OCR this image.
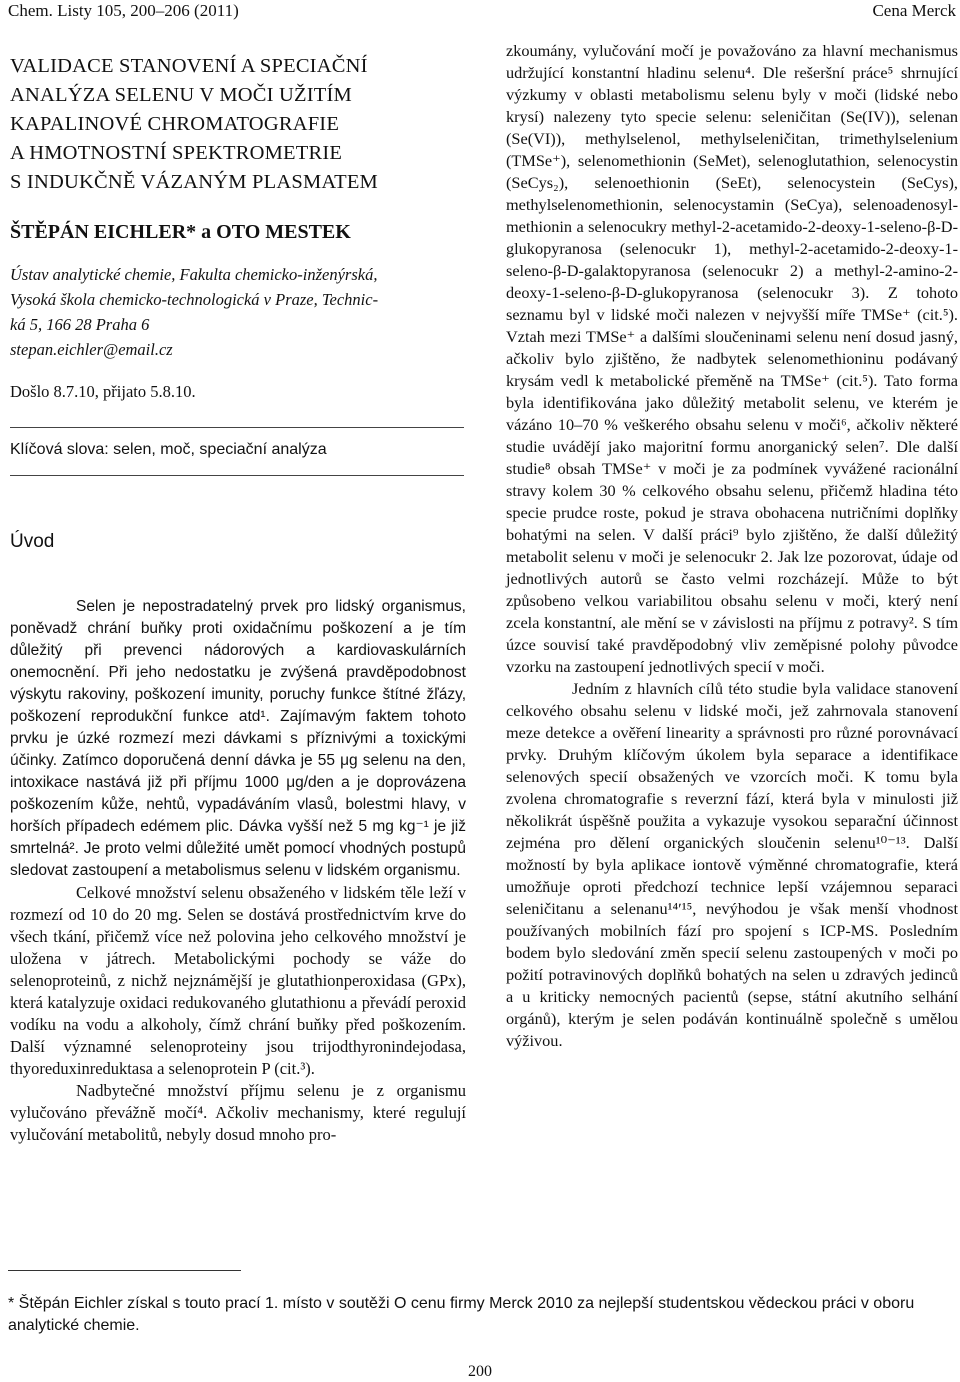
Chem. Listy 105, 200–206 (2011)	Cena Merck
VALIDACE STANOVENÍ A SPECIAČNÍ
ANALÝZA SELENU V MOČI UŽITÍM
KAPALINOVÉ CHROMATOGRAFIE
A HMOTNOSTNÍ SPEKTROMETRIE
S INDUKČNĚ VÁZANÝM PLASMATEM
ŠTĚPÁN EICHLER* a OTO MESTEK
Ústav analytické chemie, Fakulta chemicko-inženýrská,
Vysoká škola chemicko-technologická v Praze, Technic-
ká 5, 166 28 Praha 6
stepan.eichler@email.cz
Došlo 8.7.10, přijato 5.8.10.
Klíčová slova: selen, moč, speciační analýza
Úvod

Selen je nepostradatelný prvek pro lidský organismus, poněvadž chrání buňky proti oxidačnímu poškození a je tím důležitý při prevenci nádorových a kardiovaskulárních onemocnění. Při jeho nedostatku je zvýšená pravděpodobnost výskytu rakoviny, poškození imunity, poruchy funkce štítné žľázy, poškození reprodukční funkce atd¹. Zajímavým faktem tohoto prvku je úzké rozmezí mezi dávkami s příznivými a toxickými účinky. Zatímco doporučená denní dávka je 55 μg selenu na den, intoxikace nastává již při příjmu 1000 μg/den a je doprovázena poškozením kůže, nehtů, vypadáváním vlasů, bolestmi hlavy, v horších případech edémem plic. Dávka vyšší než 5 mg kg⁻¹ je již smrtelná². Je proto velmi důležité umět pomocí vhodných postupů sledovat zastoupení a metabolismus selenu v lidském organismu.

Celkové množství selenu obsaženého v lidském těle leží v rozmezí od 10 do 20 mg. Selen se dostává prostřednictvím krve do všech tkání, přičemž více než polovina jeho celkového množství je uložena v játrech. Metabolickými pochody se váže do selenoproteinů, z nichž nejznámější je glutathionperoxidasa (GPx), která katalyzuje oxidaci redukovaného glutathionu a převádí peroxid vodíku na vodu a alkoholy, čímž chrání buňky před poškozením. Další významné selenoproteiny jsou trijodthyronindejodasa, thyoreduxinreduktasa a selenoprotein P (cit.³).

Nadbytečné množství příjmu selenu je z organismu vylučováno převážně močí⁴. Ačkoliv mechanismy, které regulují vylučování metabolitů, nebyly dosud mnoho pro-

zkoumány, vylučování močí je považováno za hlavní mechanismus udržující konstantní hladinu selenu⁴. Dle rešeršní práce⁵ shrnující výzkumy v oblasti metabolismu selenu byly v moči (lidské nebo krysí) nalezeny tyto specie selenu: seleničitan (Se(IV)), selenan (Se(VI)), methylselenol, methylseleničitan, trimethylselenium (TMSe⁺), selenomethionin (SeMet), selenoglutathion, selenocystin (SeCys₂), selenoethionin (SeEt), selenocystein (SeCys), methylselenomethionin, selenocystamin (SeCya), selenoadenosyl-methionin a selenocukry methyl-2-acetamido-2-deoxy-1-seleno-β-D-glukopyranosa (selenocukr 1), methyl-2-acetamido-2-deoxy-1-seleno-β-D-galaktopyranosa (selenocukr 2) a methyl-2-amino-2-deoxy-1-seleno-β-D-glukopyranosa (selenocukr 3). Z tohoto seznamu byl v lidské moči nalezen v nejvyšší míře TMSe⁺ (cit.⁵). Vztah mezi TMSe⁺ a dalšími sloučeninami selenu není dosud jasný, ačkoliv bylo zjištěno, že nadbytek selenomethioninu podávaný krysám vedl k metabolické přeměně na TMSe⁺ (cit.⁵). Tato forma byla identifikována jako důležitý metabolit selenu, ve kterém je vázáno 10–70 % veškerého obsahu selenu v moči⁶, ačkoliv některé studie uvádějí jako majoritní formu anorganický selen⁷. Dle další studie⁸ obsah TMSe⁺ v moči je za podmínek vyvážené racionální stravy kolem 30 % celkového obsahu selenu, přičemž hladina této specie prudce roste, pokud je strava obohacena nutričními doplňky bohatými na selen. V další práci⁹ bylo zjištěno, že další důležitý metabolit selenu v moči je selenocukr 2. Jak lze pozorovat, údaje od jednotlivých autorů se často velmi rozcházejí. Může to být způsobeno velkou variabilitou obsahu selenu v moči, který není zcela konstantní, ale mění se v závislosti na příjmu z potravy². S tím úzce souvisí také pravděpodobný vliv zeměpisné polohy původce vzorku na zastoupení jednotlivých specií v moči.

Jedním z hlavních cílů této studie byla validace stanovení celkového obsahu selenu v lidské moči, jež zahrnovala stanovení meze detekce a ověření linearity a správnosti pro různé porovnávací prvky. Druhým klíčovým úkolem byla separace a identifikace selenových specií obsažených ve vzorcích moči. K tomu byla zvolena chromatografie s reverzní fází, která byla v minulosti již několikrát úspěšně použita a vykazuje vysokou separační účinnost zejména pro dělení organických sloučenin selenu¹⁰⁻¹³. Další možností by byla aplikace iontově výměnné chromatografie, která umožňuje oproti předchozí technice lepší vzájemnou separaci seleničitanu a selenanu¹⁴ʹ¹⁵, nevýhodou je však menší vhodnost používaných mobilních fází pro spojení s ICP-MS. Posledním bodem bylo sledování změn specií selenu zastoupených v moči po požití potravinových doplňků bohatých na selen u zdravých jedinců a u kriticky nemocných pacientů (sepse, státní akutního selhání orgánů), kterým je selen podáván kontinuálně společně s umělou výživou.

* Štěpán Eichler získal s touto prací 1. místo v soutěži O cenu firmy Merck 2010 za nejlepší studentskou vědeckou práci v oboru analytické chemie.
200
